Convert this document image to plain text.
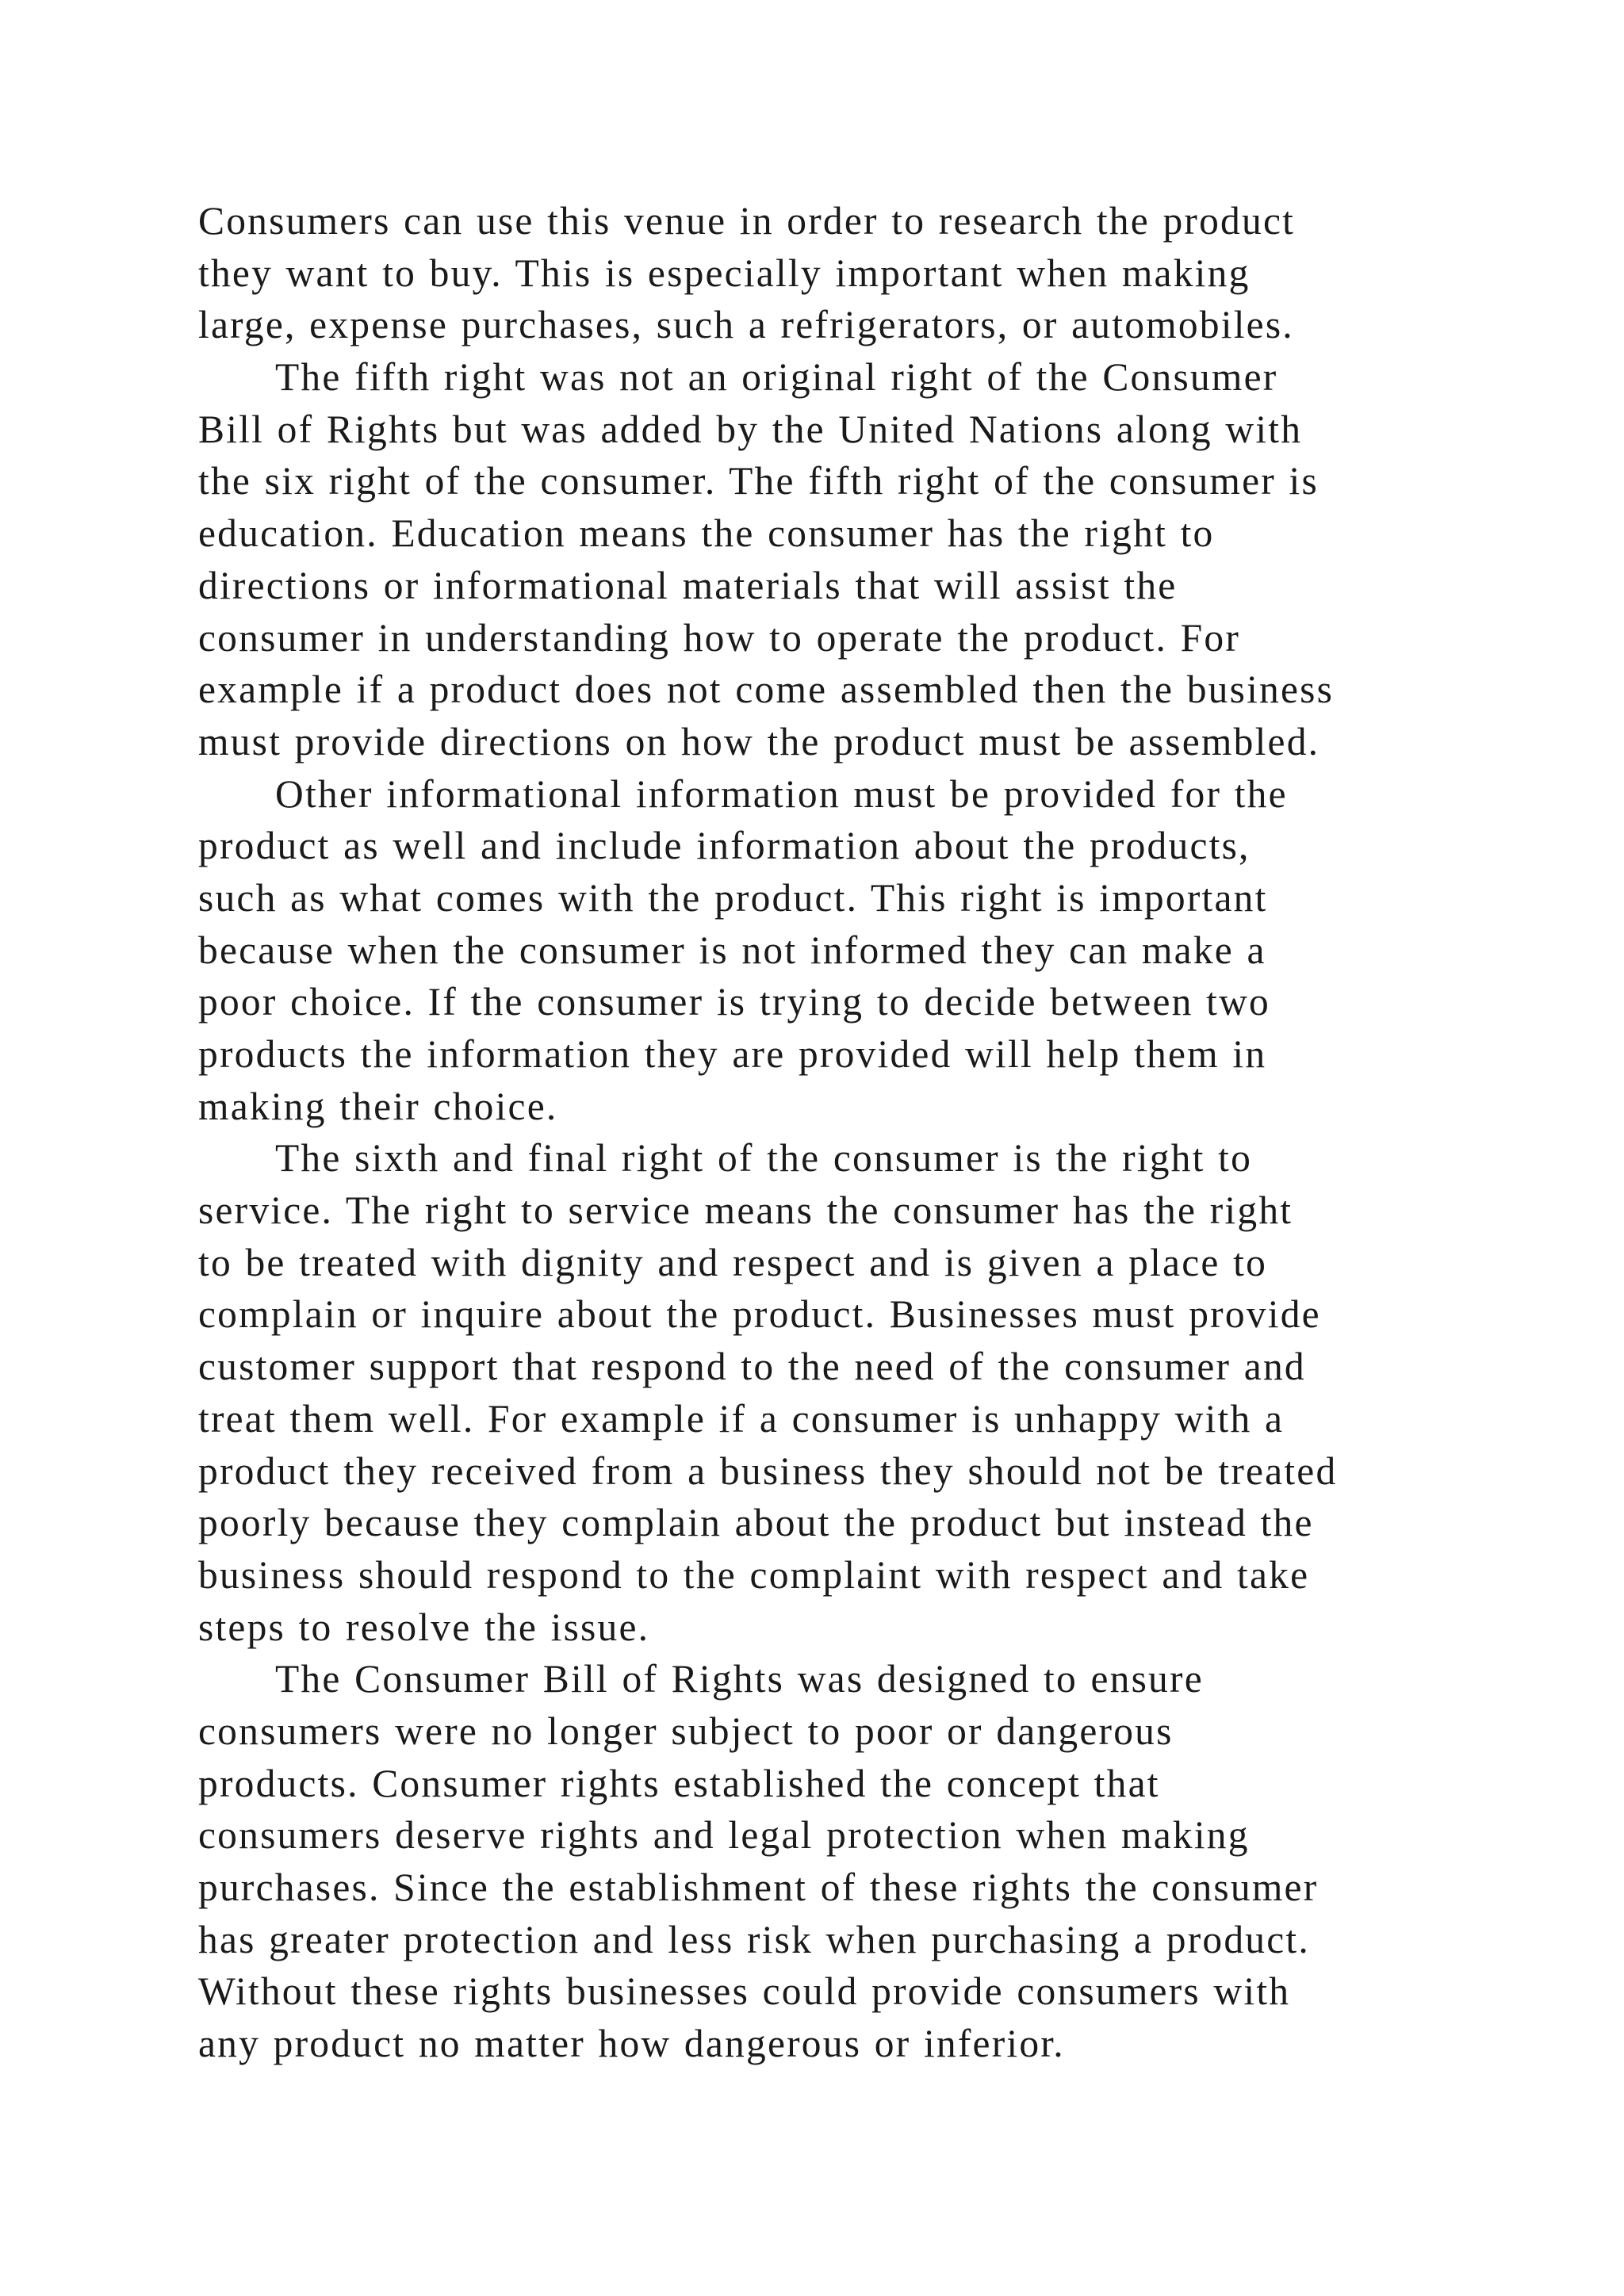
Consumers can use this venue in order to research the product
they want to buy. This is especially important when making
large, expense purchases, such a refrigerators, or automobiles.
The fifth right was not an original right of the Consumer
Bill of Rights but was added by the United Nations along with
the six right of the consumer. The fifth right of the consumer is
education. Education means the consumer has the right to
directions or informational materials that will assist the
consumer in understanding how to operate the product. For
example if a product does not come assembled then the business
must provide directions on how the product must be assembled.
Other informational information must be provided for the
product as well and include information about the products,
such as what comes with the product. This right is important
because when the consumer is not informed they can make a
poor choice. If the consumer is trying to decide between two
products the information they are provided will help them in
making their choice.
The sixth and final right of the consumer is the right to
service. The right to service means the consumer has the right
to be treated with dignity and respect and is given a place to
complain or inquire about the product. Businesses must provide
customer support that respond to the need of the consumer and
treat them well. For example if a consumer is unhappy with a
product they received from a business they should not be treated
poorly because they complain about the product but instead the
business should respond to the complaint with respect and take
steps to resolve the issue.
The Consumer Bill of Rights was designed to ensure
consumers were no longer subject to poor or dangerous
products. Consumer rights established the concept that
consumers deserve rights and legal protection when making
purchases. Since the establishment of these rights the consumer
has greater protection and less risk when purchasing a product.
Without these rights businesses could provide consumers with
any product no matter how dangerous or inferior.
